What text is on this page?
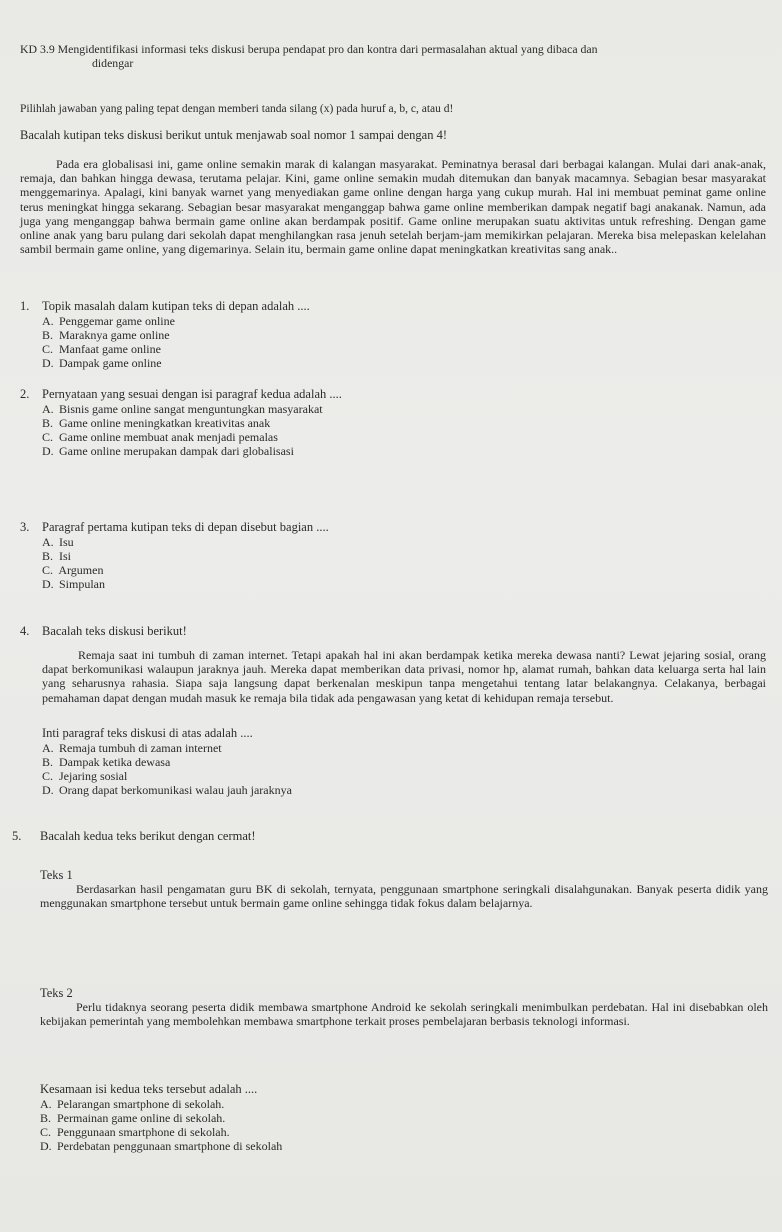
KD 3.9 Mengidentifikasi informasi teks diskusi berupa pendapat pro dan kontra dari permasalahan aktual yang dibaca dan
didengar
Pilihlah jawaban yang paling tepat dengan memberi tanda silang (x) pada huruf a, b, c, atau d!
Bacalah kutipan teks diskusi berikut untuk menjawab soal nomor 1 sampai dengan 4!

Pada era globalisasi ini, game online semakin marak di kalangan masyarakat. Peminatnya berasal dari berbagai kalangan. Mulai dari anak-anak, remaja, dan bahkan hingga dewasa, terutama pelajar. Kini, game online semakin mudah ditemukan dan banyak macamnya. Sebagian besar masyarakat menggemarinya. Apalagi, kini banyak warnet yang menyediakan game online dengan harga yang cukup murah. Hal ini membuat peminat game online terus meningkat hingga sekarang. Sebagian besar masyarakat menganggap bahwa game online memberikan dampak negatif bagi anakanak. Namun, ada juga yang menganggap bahwa bermain game online akan berdampak positif. Game online merupakan suatu aktivitas untuk refreshing. Dengan game online anak yang baru pulang dari sekolah dapat menghilangkan rasa jenuh setelah berjam-jam memikirkan pelajaran. Mereka bisa melepaskan kelelahan sambil bermain game online, yang digemarinya. Selain itu, bermain game online dapat meningkatkan kreativitas sang anak..

1. Topik masalah dalam kutipan teks di depan adalah ....
A. Penggemar game online
B. Maraknya game online
C. Manfaat game online
D. Dampak game online
2. Pernyataan yang sesuai dengan isi paragraf kedua adalah ....
A. Bisnis game online sangat menguntungkan masyarakat
B. Game online meningkatkan kreativitas anak
C. Game online membuat anak menjadi pemalas
D. Game online merupakan dampak dari globalisasi
3. Paragraf pertama kutipan teks di depan disebut bagian ....
A. Isu
B. Isi
C. Argumen
D. Simpulan
4. Bacalah teks diskusi berikut!

Remaja saat ini tumbuh di zaman internet. Tetapi apakah hal ini akan berdampak ketika mereka dewasa nanti? Lewat jejaring sosial, orang dapat berkomunikasi walaupun jaraknya jauh. Mereka dapat memberikan data privasi, nomor hp, alamat rumah, bahkan data keluarga serta hal lain yang seharusnya rahasia. Siapa saja langsung dapat berkenalan meskipun tanpa mengetahui tentang latar belakangnya. Celakanya, berbagai pemahaman dapat dengan mudah masuk ke remaja bila tidak ada pengawasan yang ketat di kehidupan remaja tersebut.

Inti paragraf teks diskusi di atas adalah ....
A. Remaja tumbuh di zaman internet
B. Dampak ketika dewasa
C. Jejaring sosial
D. Orang dapat berkomunikasi walau jauh jaraknya
5. Bacalah kedua teks berikut dengan cermat!
Teks 1

Berdasarkan hasil pengamatan guru BK di sekolah, ternyata, penggunaan smartphone seringkali disalahgunakan. Banyak peserta didik yang menggunakan smartphone tersebut untuk bermain game online sehingga tidak fokus dalam belajarnya.

Teks 2

Perlu tidaknya seorang peserta didik membawa smartphone Android ke sekolah seringkali menimbulkan perdebatan. Hal ini disebabkan oleh kebijakan pemerintah yang membolehkan membawa smartphone terkait proses pembelajaran berbasis teknologi informasi.

Kesamaan isi kedua teks tersebut adalah ....
A. Pelarangan smartphone di sekolah.
B. Permainan game online di sekolah.
C. Penggunaan smartphone di sekolah.
D. Perdebatan penggunaan smartphone di sekolah
